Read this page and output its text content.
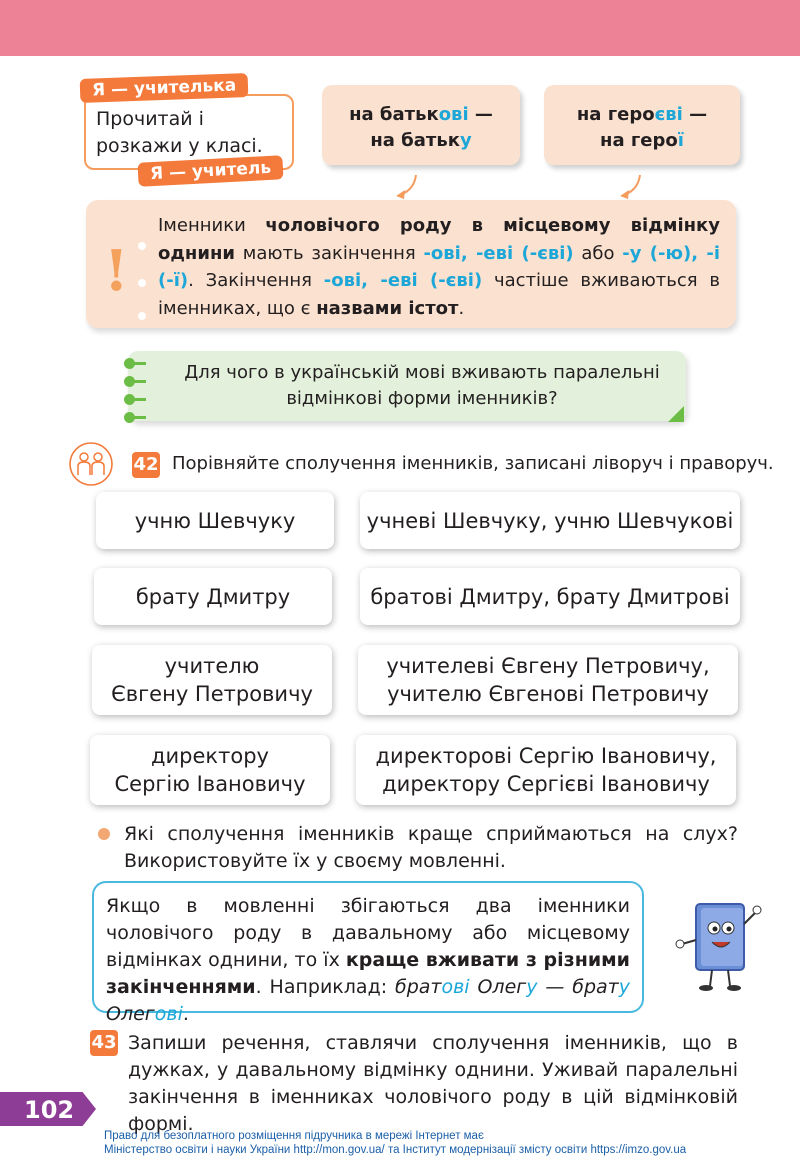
Прочитай і розкажи у класі.
Я — учителька
Я — учитель
на батькові —
на батьку
на героєві —
на герої
!
Іменники чоловічого роду в місцевому відмінку однини мають закінчення -ові, -еві (-єві) або -у (-ю), -і (-ї). Закінчення -ові, -еві (-єві) частіше вживаються в іменниках, що є назвами істот.
Для чого в українській мові вживають паралельні відмінкові форми іменників?
42 Порівняйте сполучення іменників, записані ліворуч і праворуч.
учню Шевчуку	учневі Шевчуку, учню Шевчукові
брату Дмитру	братові Дмитру, брату Дмитрові
учителю
Євгену Петровичу
учителеві Євгену Петровичу,
учителю Євгенові Петровичу
директору
Сергію Івановичу
директорові Сергію Івановичу,
директору Сергієві Івановичу
Які сполучення іменників краще сприймаються на слух? Використовуйте їх у своєму мовленні.
Якщо в мовленні збігаються два іменники чоловічого роду в давальному або місцевому відмінках однини, то їх краще вживати з різними закінченнями. Наприклад: братові Олегу — брату Олегові.
43 Запиши речення, ставлячи сполучення іменників, що в дужках, у давальному відмінку однини. Уживай паралельні закінчення в іменниках чоловічого роду в цій відмінковій формі.
102
Право для безоплатного розміщення підручника в мережі Інтернет має
Міністерство освіти і науки України http://mon.gov.ua/ та Інститут модернізації змісту освіти https://imzo.gov.ua
